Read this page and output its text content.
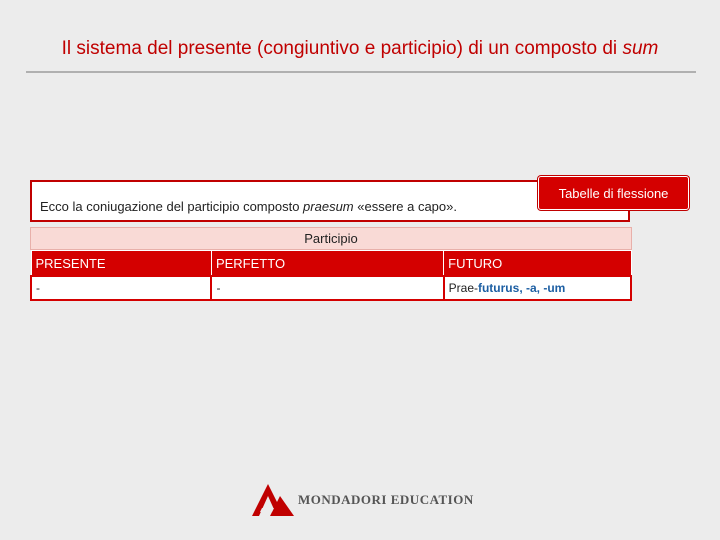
Il sistema del presente (congiuntivo e participio) di un composto di sum
Ecco la coniugazione del participio composto praesum «essere a capo».
Tabelle di flessione
Participio
PRESENTE	PERFETTO	FUTURO
-	-	Prae-futurus, -a, -um
MONDADORI EDUCATION
